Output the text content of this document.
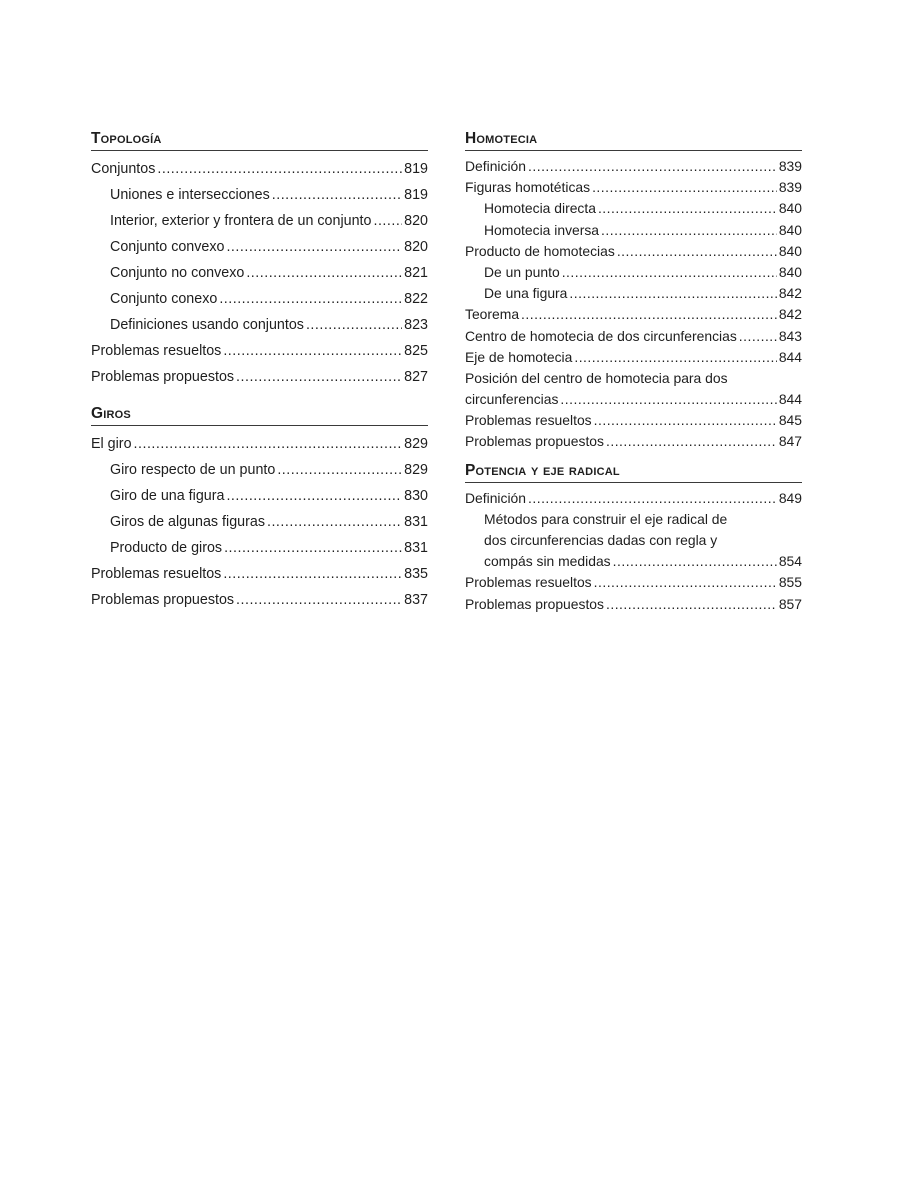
Topología
Conjuntos .....	819
Uniones e intersecciones .....	819
Interior, exterior y frontera de un conjunto ..... 820
Conjunto convexo .....	820
Conjunto no convexo .....	821
Conjunto conexo .....	822
Definiciones usando conjuntos .....	823
Problemas resueltos .....	825
Problemas propuestos .....	827
Giros
El giro .....	829
Giro respecto de un punto .....	829
Giro de una figura .....	830
Giros de algunas figuras .....	831
Producto de giros .....	831
Problemas resueltos .....	835
Problemas propuestos .....	837
Homotecia
Definición .....	839
Figuras homotéticas .....	839
Homotecia directa .....	840
Homotecia inversa .....	840
Producto de homotecias .....	840
De un punto .....	840
De una figura .....	842
Teorema .....	842
Centro de homotecia de dos circunferencias .....	843
Eje de homotecia .....	844
Posición del centro de homotecia para dos
circunferencias .....	844
Problemas resueltos .....	845
Problemas propuestos .....	847
Potencia y eje radical
Definición .....	849
Métodos para construir el eje radical de
dos circunferencias dadas con regla y
compás sin medidas .....	854
Problemas resueltos .....	855
Problemas propuestos .....	857
